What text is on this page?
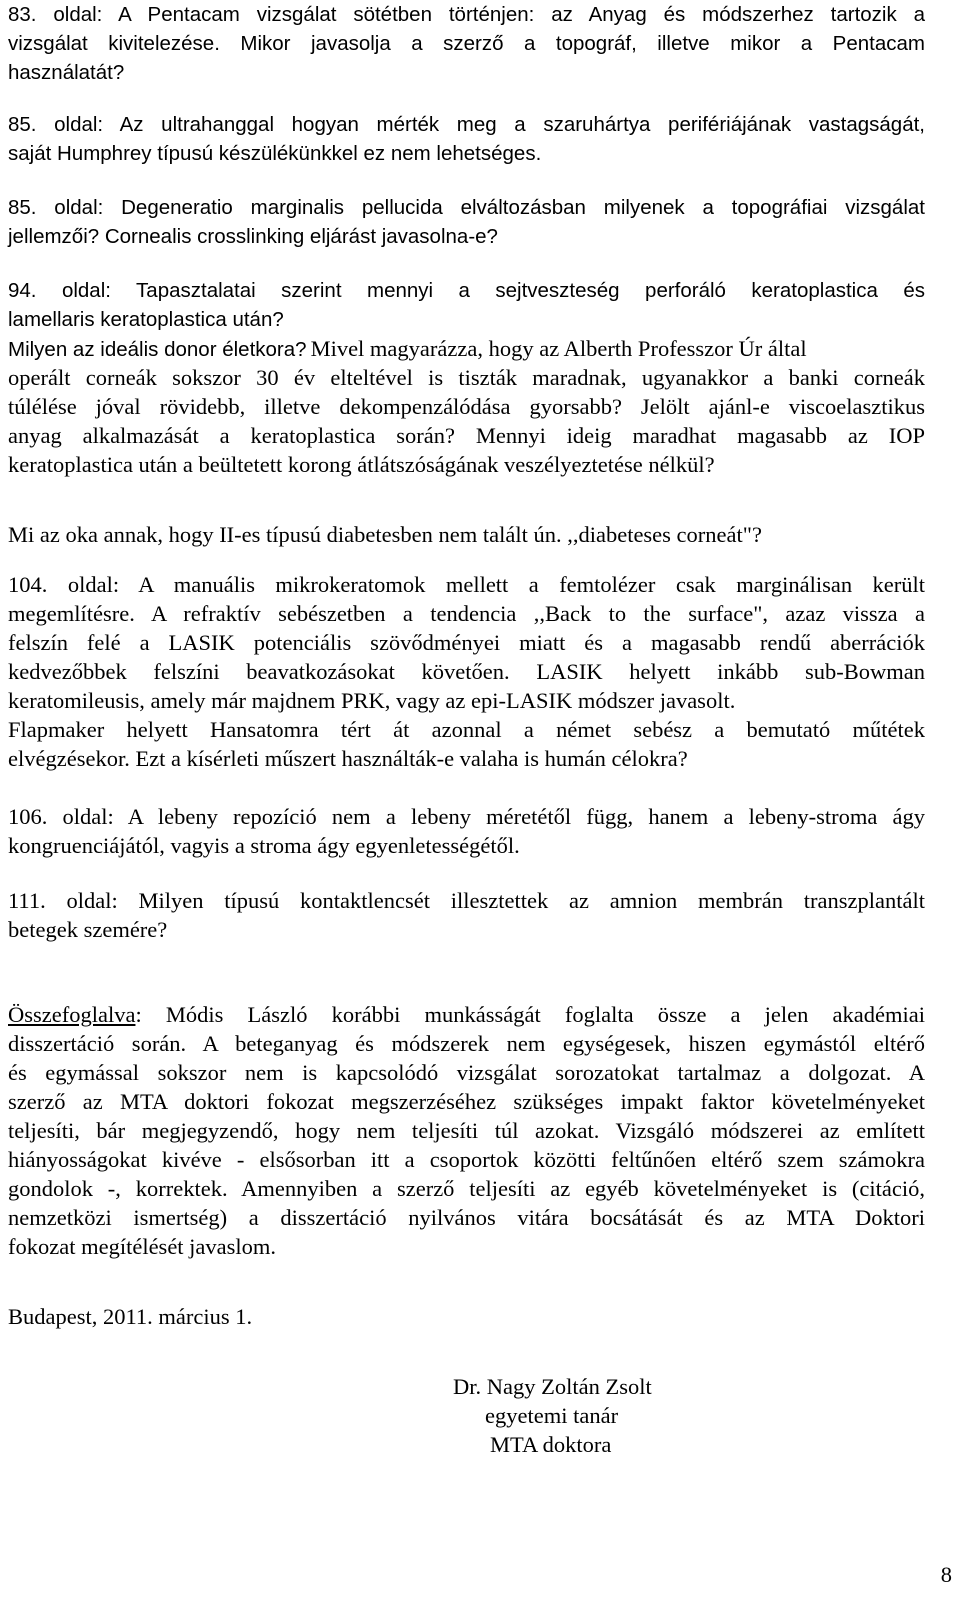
83. oldal: A Pentacam vizsgálat sötétben történjen: az Anyag és módszerhez tartozik a

vizsgálat kivitelezése. Mikor javasolja a szerző a topográf, illetve mikor a Pentacam

használatát?

85. oldal: Az ultrahanggal hogyan mérték meg a szaruhártya perifériájának vastagságát,

saját Humphrey típusú készülékünkkel ez nem lehetséges.

85. oldal: Degeneratio marginalis pellucida elváltozásban milyenek a topográfiai vizsgálat

jellemzői? Cornealis crosslinking eljárást javasolna-e?

94. oldal: Tapasztalatai szerint mennyi a sejtveszteség perforáló keratoplastica és

lamellaris keratoplastica után?

Milyen az ideális donor életkora? Mivel magyarázza, hogy az Alberth Professzor Úr által

operált corneák sokszor 30 év elteltével is tiszták maradnak, ugyanakkor a banki corneák

túlélése jóval rövidebb, illetve dekompenzálódása gyorsabb? Jelölt ajánl-e viscoelasztikus

anyag alkalmazását a keratoplastica során? Mennyi ideig maradhat magasabb az IOP

keratoplastica után a beültetett korong átlátszóságának veszélyeztetése nélkül?

Mi az oka annak, hogy II-es típusú diabetesben nem talált ún. ,,diabeteses corneát"?

104. oldal: A manuális mikrokeratomok mellett a femtolézer csak marginálisan került

megemlítésre. A refraktív sebészetben a tendencia ,,Back to the surface", azaz vissza a

felszín felé a LASIK potenciális szövődményei miatt és a magasabb rendű aberrációk

kedvezőbbek felszíni beavatkozásokat követően. LASIK helyett inkább sub-Bowman

keratomileusis, amely már majdnem PRK, vagy az epi-LASIK módszer javasolt.

Flapmaker helyett Hansatomra tért át azonnal a német sebész a bemutató műtétek

elvégzésekor. Ezt a kísérleti műszert használták-e valaha is humán célokra?

106. oldal: A lebeny repozíció nem a lebeny méretétől függ, hanem a lebeny-stroma ágy

kongruenciájától, vagyis a stroma ágy egyenletességétől.

111. oldal: Milyen típusú kontaktlencsét illesztettek az amnion membrán transzplantált

betegek szemére?

Összefoglalva: Módis László korábbi munkásságát foglalta össze a jelen akadémiai

disszertáció során. A beteganyag és módszerek nem egységesek, hiszen egymástól eltérő

és egymással sokszor nem is kapcsolódó vizsgálat sorozatokat tartalmaz a dolgozat. A

szerző az MTA doktori fokozat megszerzéséhez szükséges impakt faktor követelményeket

teljesíti, bár megjegyzendő, hogy nem teljesíti túl azokat. Vizsgáló módszerei az említett

hiányosságokat kivéve - elsősorban itt a csoportok közötti feltűnően eltérő szem számokra

gondolok -, korrektek. Amennyiben a szerző teljesíti az egyéb követelményeket is (citáció,

nemzetközi ismertség) a disszertáció nyilvános vitára bocsátását és az MTA Doktori

fokozat megítélését javaslom.

Budapest, 2011. március 1.

Dr. Nagy Zoltán Zsolt
egyetemi tanár
MTA doktora
8
